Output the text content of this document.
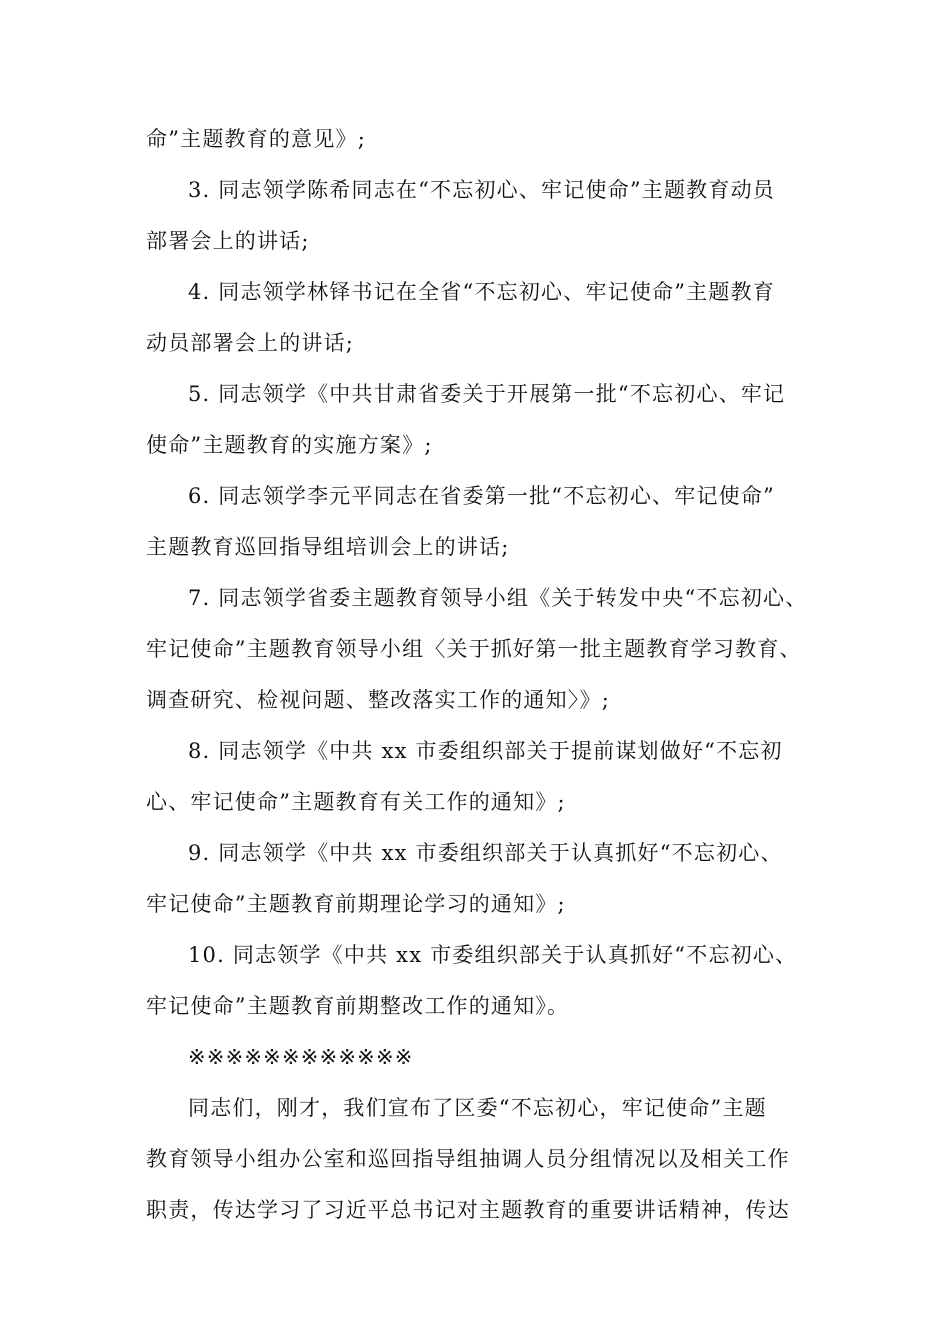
命”主题教育的意见》;
3. 同志领学陈希同志在“不忘初心、牢记使命”主题教育动员
部署会上的讲话;
4. 同志领学林铎书记在全省“不忘初心、牢记使命”主题教育
动员部署会上的讲话;
5. 同志领学《中共甘肃省委关于开展第一批“不忘初心、牢记
使命”主题教育的实施方案》;
6. 同志领学李元平同志在省委第一批“不忘初心、牢记使命”
主题教育巡回指导组培训会上的讲话;
7. 同志领学省委主题教育领导小组《关于转发中央“不忘初心、
牢记使命”主题教育领导小组〈关于抓好第一批主题教育学习教育、
调查研究、检视问题、整改落实工作的通知〉》;
8. 同志领学《中共 xx 市委组织部关于提前谋划做好“不忘初
心、牢记使命”主题教育有关工作的通知》;
9. 同志领学《中共 xx 市委组织部关于认真抓好“不忘初心、
牢记使命”主题教育前期理论学习的通知》;
10. 同志领学《中共 xx 市委组织部关于认真抓好“不忘初心、
牢记使命”主题教育前期整改工作的通知》。
※※※※※※※※※※※※
同志们，刚才，我们宣布了区委“不忘初心，牢记使命”主题
教育领导小组办公室和巡回指导组抽调人员分组情况以及相关工作
职责，传达学习了习近平总书记对主题教育的重要讲话精神，传达
